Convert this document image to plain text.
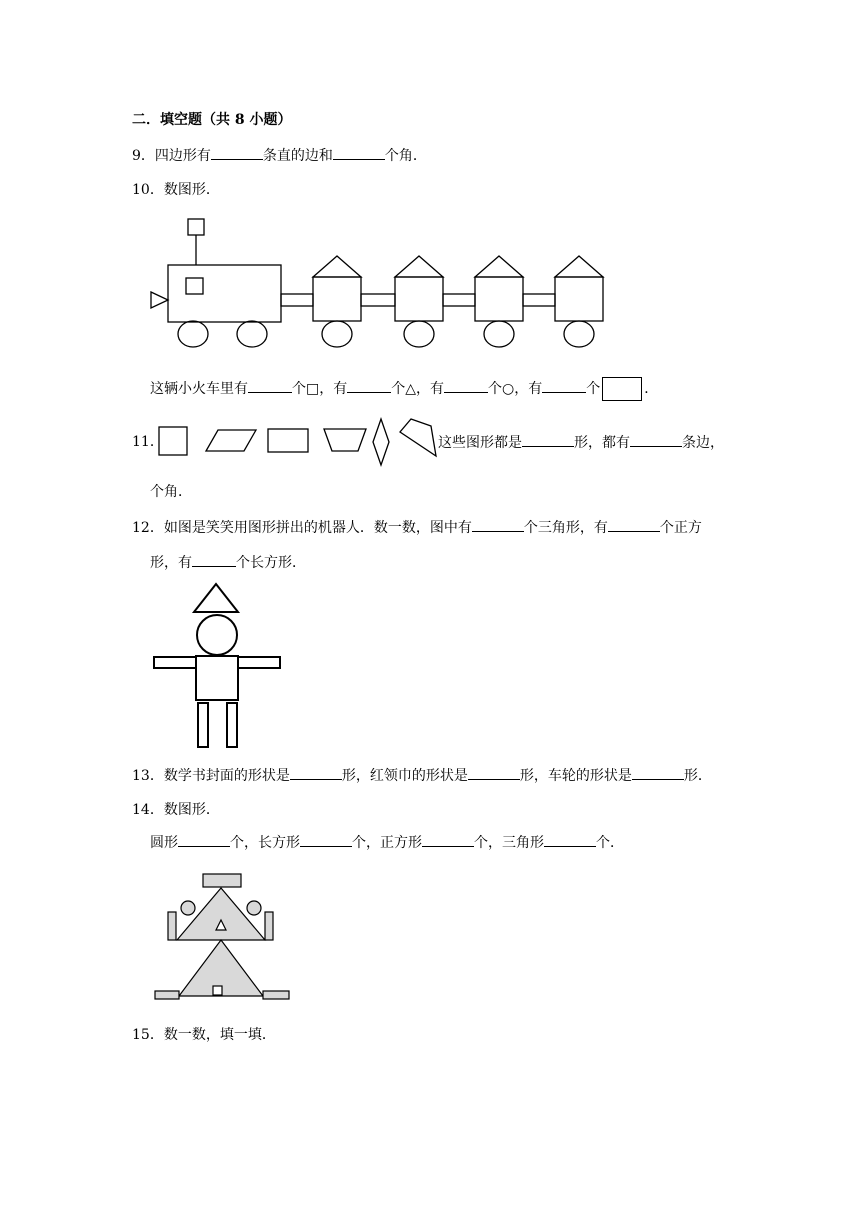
二．填空题（共 8 小题）
9．四边形有	条直的边和	个角．
10．数图形．
这辆小火车里有	个□，有	个△，有	个○，有	个	．
11．	这些图形都是	形，都有	条边，
个角．
12．如图是笑笑用图形拼出的机器人．数一数，图中有	个三角形，有	个正方
形，有	个长方形．
13．数学书封面的形状是	形，红领巾的形状是	形，车轮的形状是	形．
14．数图形．
圆形	个，长方形	个，正方形	个，三角形	个．
15．数一数，填一填．
